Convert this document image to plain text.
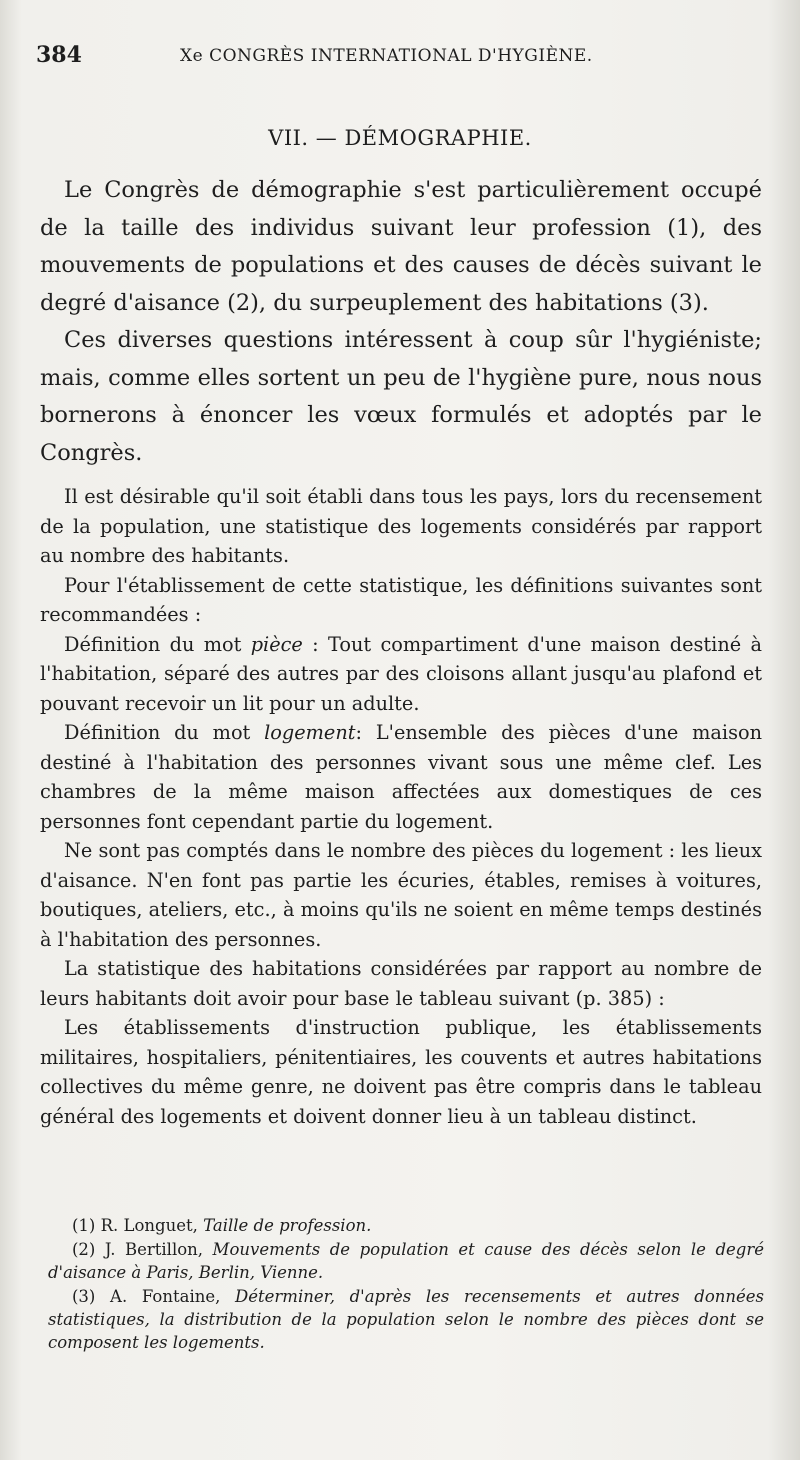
384	Xe CONGRÈS INTERNATIONAL D'HYGIÈNE.
VII. — DÉMOGRAPHIE.

Le Congrès de démographie s'est particulièrement occupé de la taille des individus suivant leur profession (1), des mouvements de populations et des causes de décès suivant le degré d'aisance (2), du surpeuplement des habitations (3).

Ces diverses questions intéressent à coup sûr l'hygiéniste; mais, comme elles sortent un peu de l'hygiène pure, nous nous bornerons à énoncer les vœux formulés et adoptés par le Congrès.

Il est désirable qu'il soit établi dans tous les pays, lors du recensement de la population, une statistique des logements considérés par rapport au nombre des habitants.

Pour l'établissement de cette statistique, les définitions suivantes sont recommandées :

Définition du mot pièce : Tout compartiment d'une maison destiné à l'habitation, séparé des autres par des cloisons allant jusqu'au plafond et pouvant recevoir un lit pour un adulte.

Définition du mot logement: L'ensemble des pièces d'une maison destiné à l'habitation des personnes vivant sous une même clef. Les chambres de la même maison affectées aux domestiques de ces personnes font cependant partie du logement.

Ne sont pas comptés dans le nombre des pièces du logement : les lieux d'aisance. N'en font pas partie les écuries, étables, remises à voitures, boutiques, ateliers, etc., à moins qu'ils ne soient en même temps destinés à l'habitation des personnes.

La statistique des habitations considérées par rapport au nombre de leurs habitants doit avoir pour base le tableau suivant (p. 385) :

Les établissements d'instruction publique, les établissements militaires, hospitaliers, pénitentiaires, les couvents et autres habitations collectives du même genre, ne doivent pas être compris dans le tableau général des logements et doivent donner lieu à un tableau distinct.

(1) R. Longuet, Taille de profession.

(2) J. Bertillon, Mouvements de population et cause des décès selon le degré d'aisance à Paris, Berlin, Vienne.

(3) A. Fontaine, Déterminer, d'après les recensements et autres données statistiques, la distribution de la population selon le nombre des pièces dont se composent les logements.
